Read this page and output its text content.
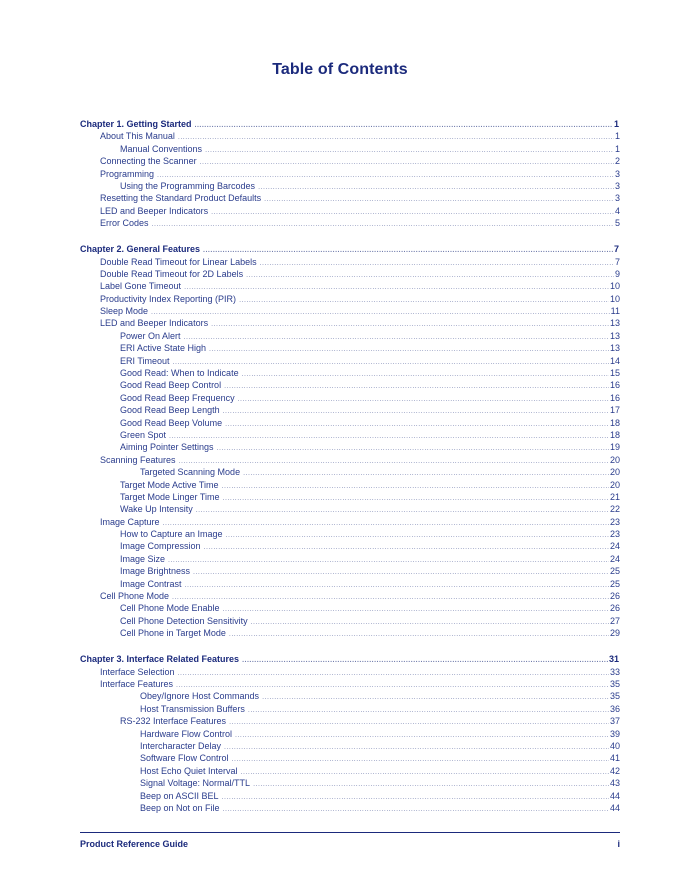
Table of Contents
Chapter 1. Getting Started .....	1
About This Manual .....	1
Manual Conventions .....	1
Connecting the Scanner .....	2
Programming .....	3
Using the Programming Barcodes .....	3
Resetting the Standard Product Defaults .....	3
LED and Beeper Indicators .....	4
Error Codes .....	5
Chapter 2. General Features .....	7
Double Read Timeout for Linear Labels .....	7
Double Read Timeout for 2D Labels .....	9
Label Gone Timeout .....	10
Productivity Index Reporting (PIR) .....	10
Sleep Mode .....	11
LED and Beeper Indicators .....	13
Power On Alert .....	13
ERI Active State High .....	13
ERI Timeout .....	14
Good Read: When to Indicate .....	15
Good Read Beep Control .....	16
Good Read Beep Frequency .....	16
Good Read Beep Length .....	17
Good Read Beep Volume .....	18
Green Spot .....	18
Aiming Pointer Settings .....	19
Scanning Features .....	20
Targeted Scanning Mode .....	20
Target Mode Active Time .....	20
Target Mode Linger Time .....	21
Wake Up Intensity .....	22
Image Capture .....	23
How to Capture an Image .....	23
Image Compression .....	24
Image Size .....	24
Image Brightness .....	25
Image Contrast .....	25
Cell Phone Mode .....	26
Cell Phone Mode Enable .....	26
Cell Phone Detection Sensitivity .....	27
Cell Phone in Target Mode .....	29
Chapter 3. Interface Related Features .....	31
Interface Selection .....	33
Interface Features .....	35
Obey/Ignore Host Commands .....	35
Host Transmission Buffers .....	36
RS-232 Interface Features .....	37
Hardware Flow Control .....	39
Intercharacter Delay .....	40
Software Flow Control .....	41
Host Echo Quiet Interval .....	42
Signal Voltage: Normal/TTL .....	43
Beep on ASCII BEL .....	44
Beep on Not on File .....	44
Product Reference Guide	i
